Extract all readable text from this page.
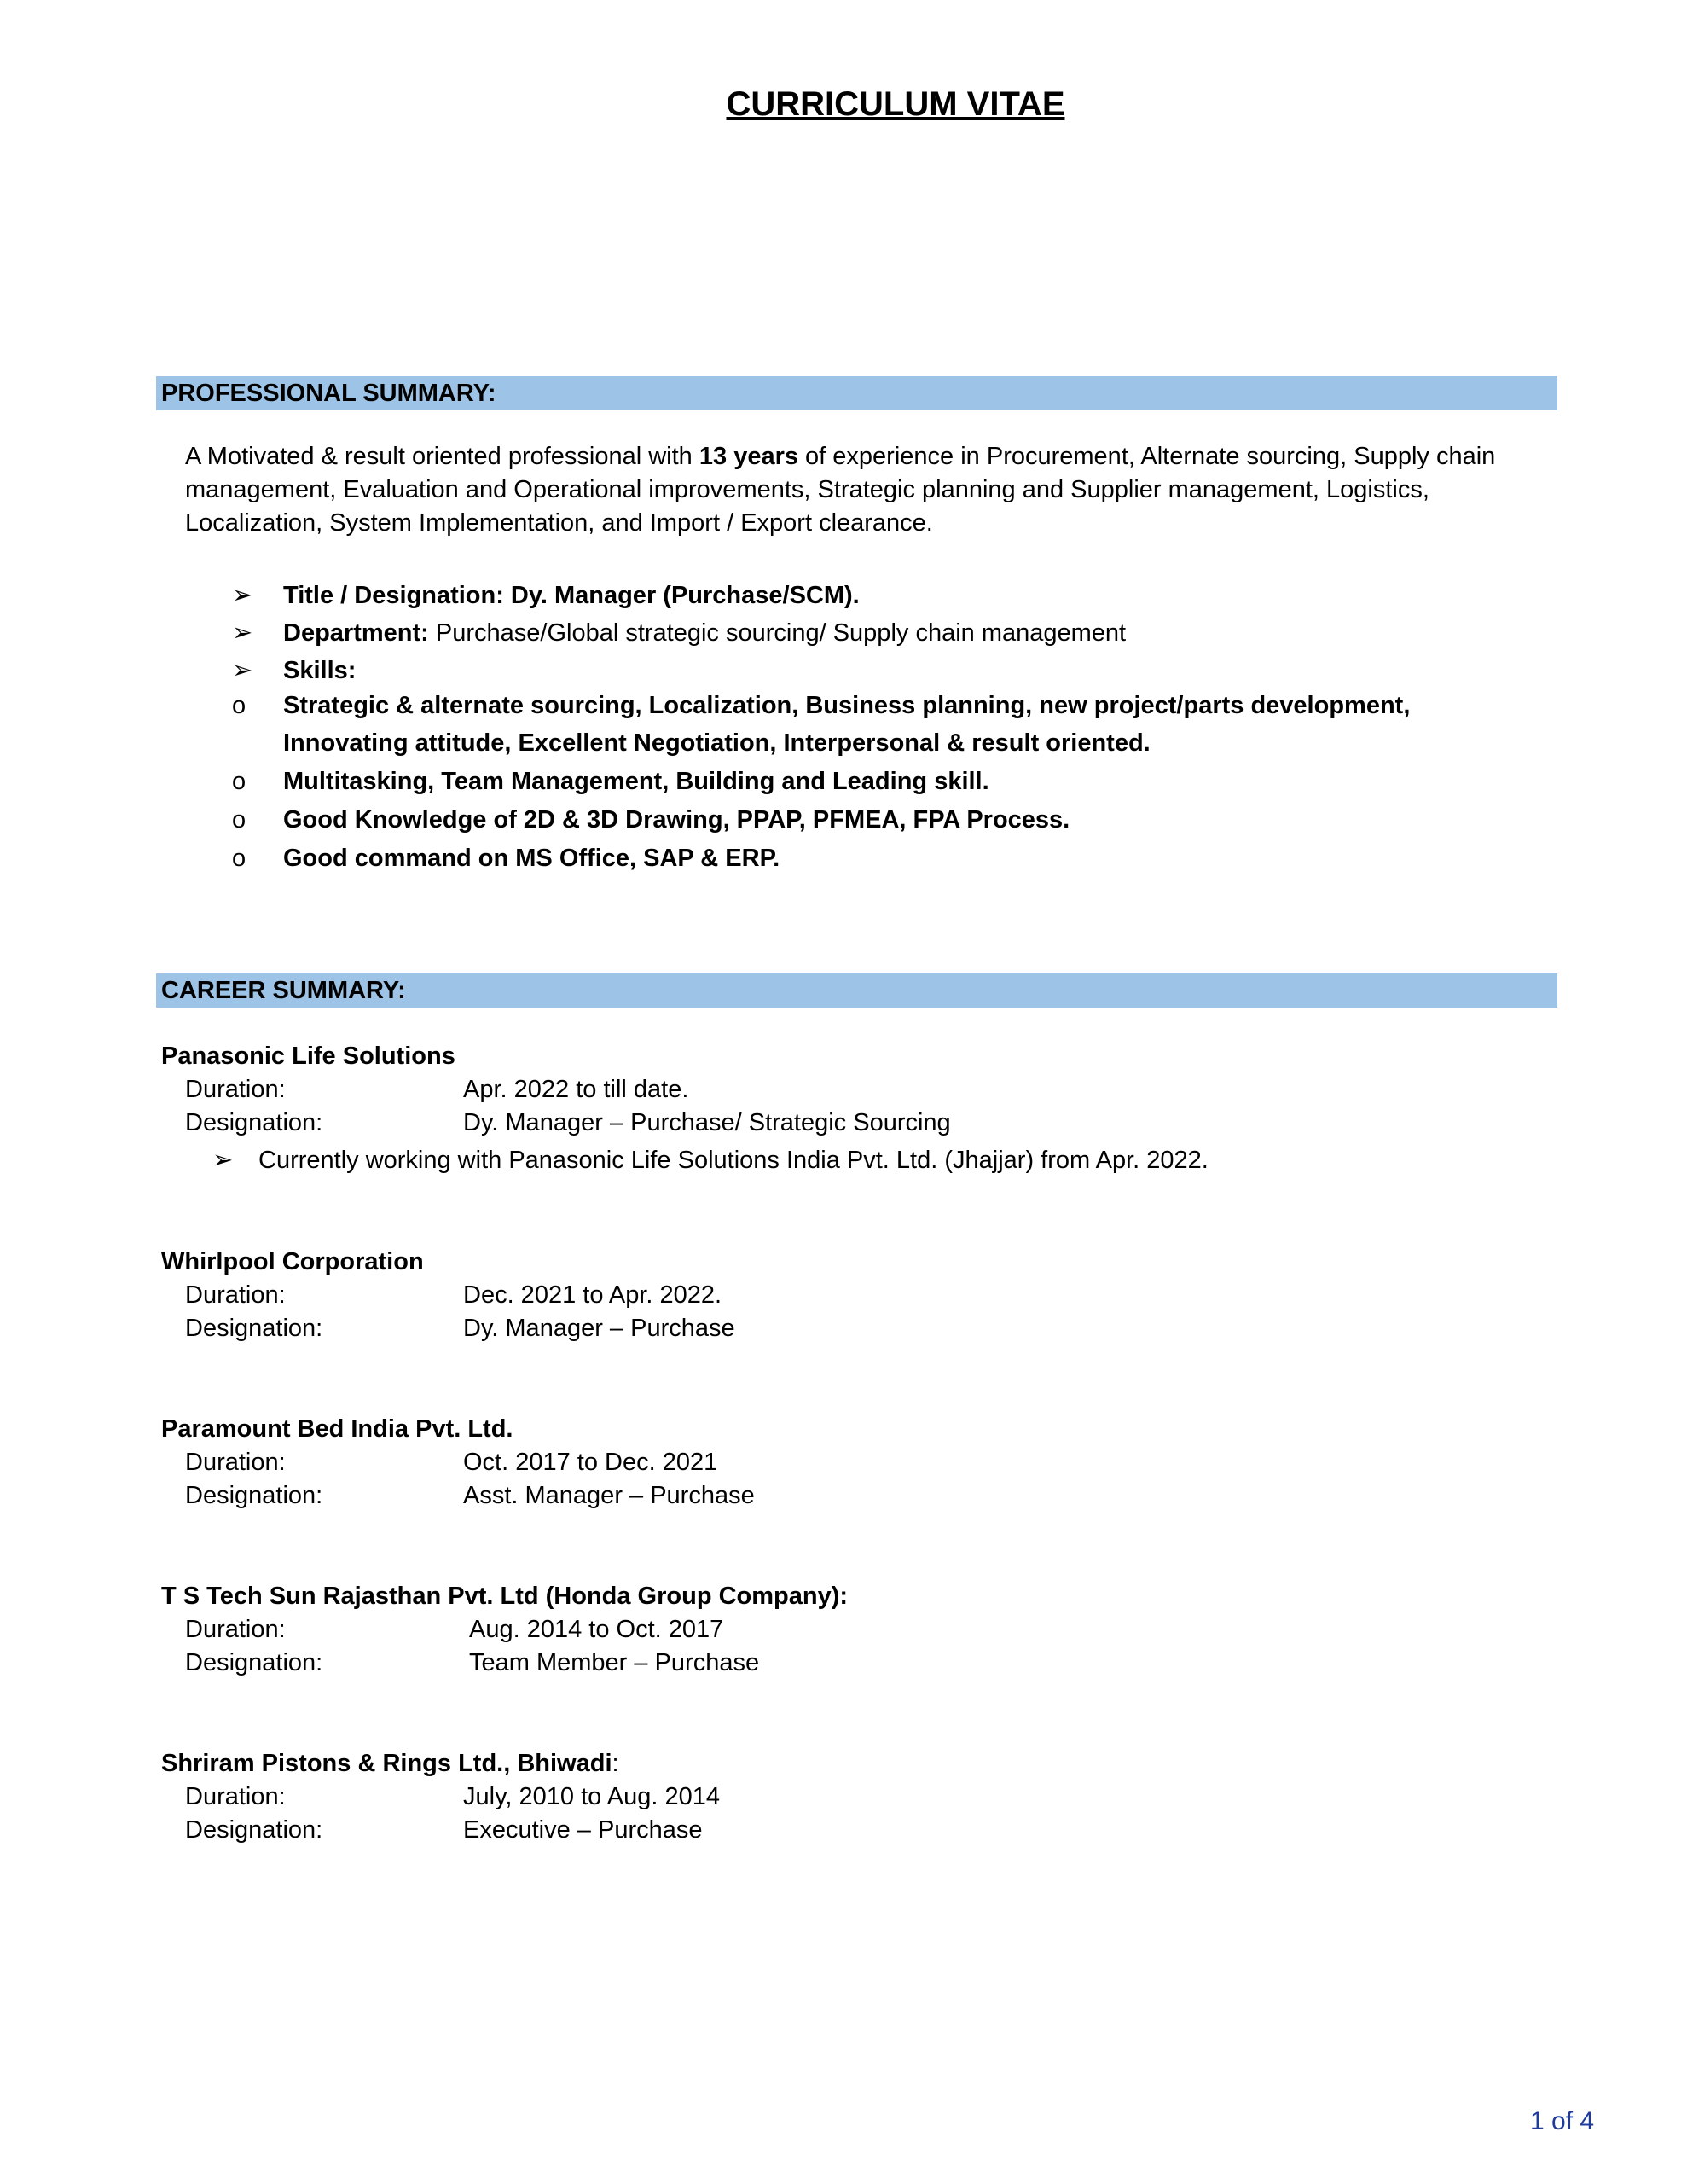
CURRICULUM VITAE
PROFESSIONAL SUMMARY:
A Motivated & result oriented professional with 13 years of experience in Procurement, Alternate sourcing, Supply chain management, Evaluation and Operational improvements, Strategic planning and Supplier management, Logistics, Localization, System Implementation, and Import / Export clearance.
➢	Title / Designation: Dy. Manager (Purchase/SCM).
➢	Department: Purchase/Global strategic sourcing/ Supply chain management
➢	Skills:
o	Strategic & alternate sourcing, Localization, Business planning, new project/parts development, Innovating attitude, Excellent Negotiation, Interpersonal & result oriented.
o	Multitasking, Team Management, Building and Leading skill.
o	Good Knowledge of 2D & 3D Drawing, PPAP, PFMEA, FPA Process.
o	Good command on MS Office, SAP & ERP.
CAREER SUMMARY:
Panasonic Life Solutions
Duration:	Apr. 2022 to till date.
Designation:	Dy. Manager – Purchase/ Strategic Sourcing
➢ Currently working with Panasonic Life Solutions India Pvt. Ltd. (Jhajjar) from Apr. 2022.
Whirlpool Corporation
Duration:	Dec. 2021 to Apr. 2022.
Designation:	Dy. Manager – Purchase
Paramount Bed India Pvt. Ltd.
Duration:	Oct. 2017 to Dec. 2021
Designation:	Asst. Manager – Purchase
T S Tech Sun Rajasthan Pvt. Ltd (Honda Group Company):
Duration:	Aug. 2014 to Oct. 2017
Designation:	Team Member – Purchase
Shriram Pistons & Rings Ltd., Bhiwadi:
Duration:	July, 2010 to Aug. 2014
Designation:	Executive – Purchase
1 of 4
